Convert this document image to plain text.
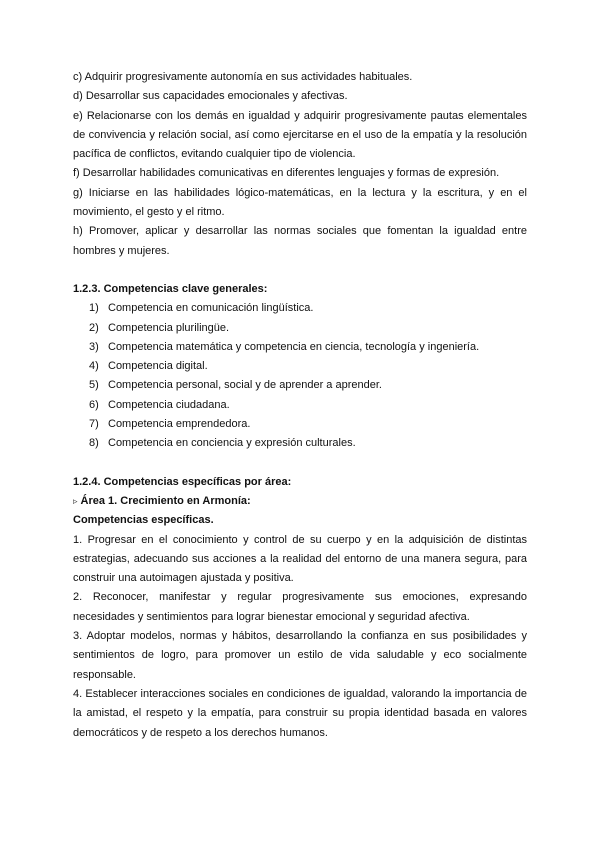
c) Adquirir progresivamente autonomía en sus actividades habituales.

d) Desarrollar sus capacidades emocionales y afectivas.

e) Relacionarse con los demás en igualdad y adquirir progresivamente pautas elementales de convivencia y relación social, así como ejercitarse en el uso de la empatía y la resolución pacífica de conflictos, evitando cualquier tipo de violencia.

f) Desarrollar habilidades comunicativas en diferentes lenguajes y formas de expresión.

g) Iniciarse en las habilidades lógico-matemáticas, en la lectura y la escritura, y en el movimiento, el gesto y el ritmo.

h) Promover, aplicar y desarrollar las normas sociales que fomentan la igualdad entre hombres y mujeres.

1.2.3. Competencias clave generales:

1) Competencia en comunicación lingüística.
2) Competencia plurilingüe.
3) Competencia matemática y competencia en ciencia, tecnología y ingeniería.
4) Competencia digital.
5) Competencia personal, social y de aprender a aprender.
6) Competencia ciudadana.
7) Competencia emprendedora.
8) Competencia en conciencia y expresión culturales.

1.2.4. Competencias específicas por área:

▹ Área 1. Crecimiento en Armonía:

Competencias específicas.

1. Progresar en el conocimiento y control de su cuerpo y en la adquisición de distintas estrategias, adecuando sus acciones a la realidad del entorno de una manera segura, para construir una autoimagen ajustada y positiva.

2. Reconocer, manifestar y regular progresivamente sus emociones, expresando necesidades y sentimientos para lograr bienestar emocional y seguridad afectiva.

3. Adoptar modelos, normas y hábitos, desarrollando la confianza en sus posibilidades y sentimientos de logro, para promover un estilo de vida saludable y eco socialmente responsable.

4. Establecer interacciones sociales en condiciones de igualdad, valorando la importancia de la amistad, el respeto y la empatía, para construir su propia identidad basada en valores democráticos y de respeto a los derechos humanos.
